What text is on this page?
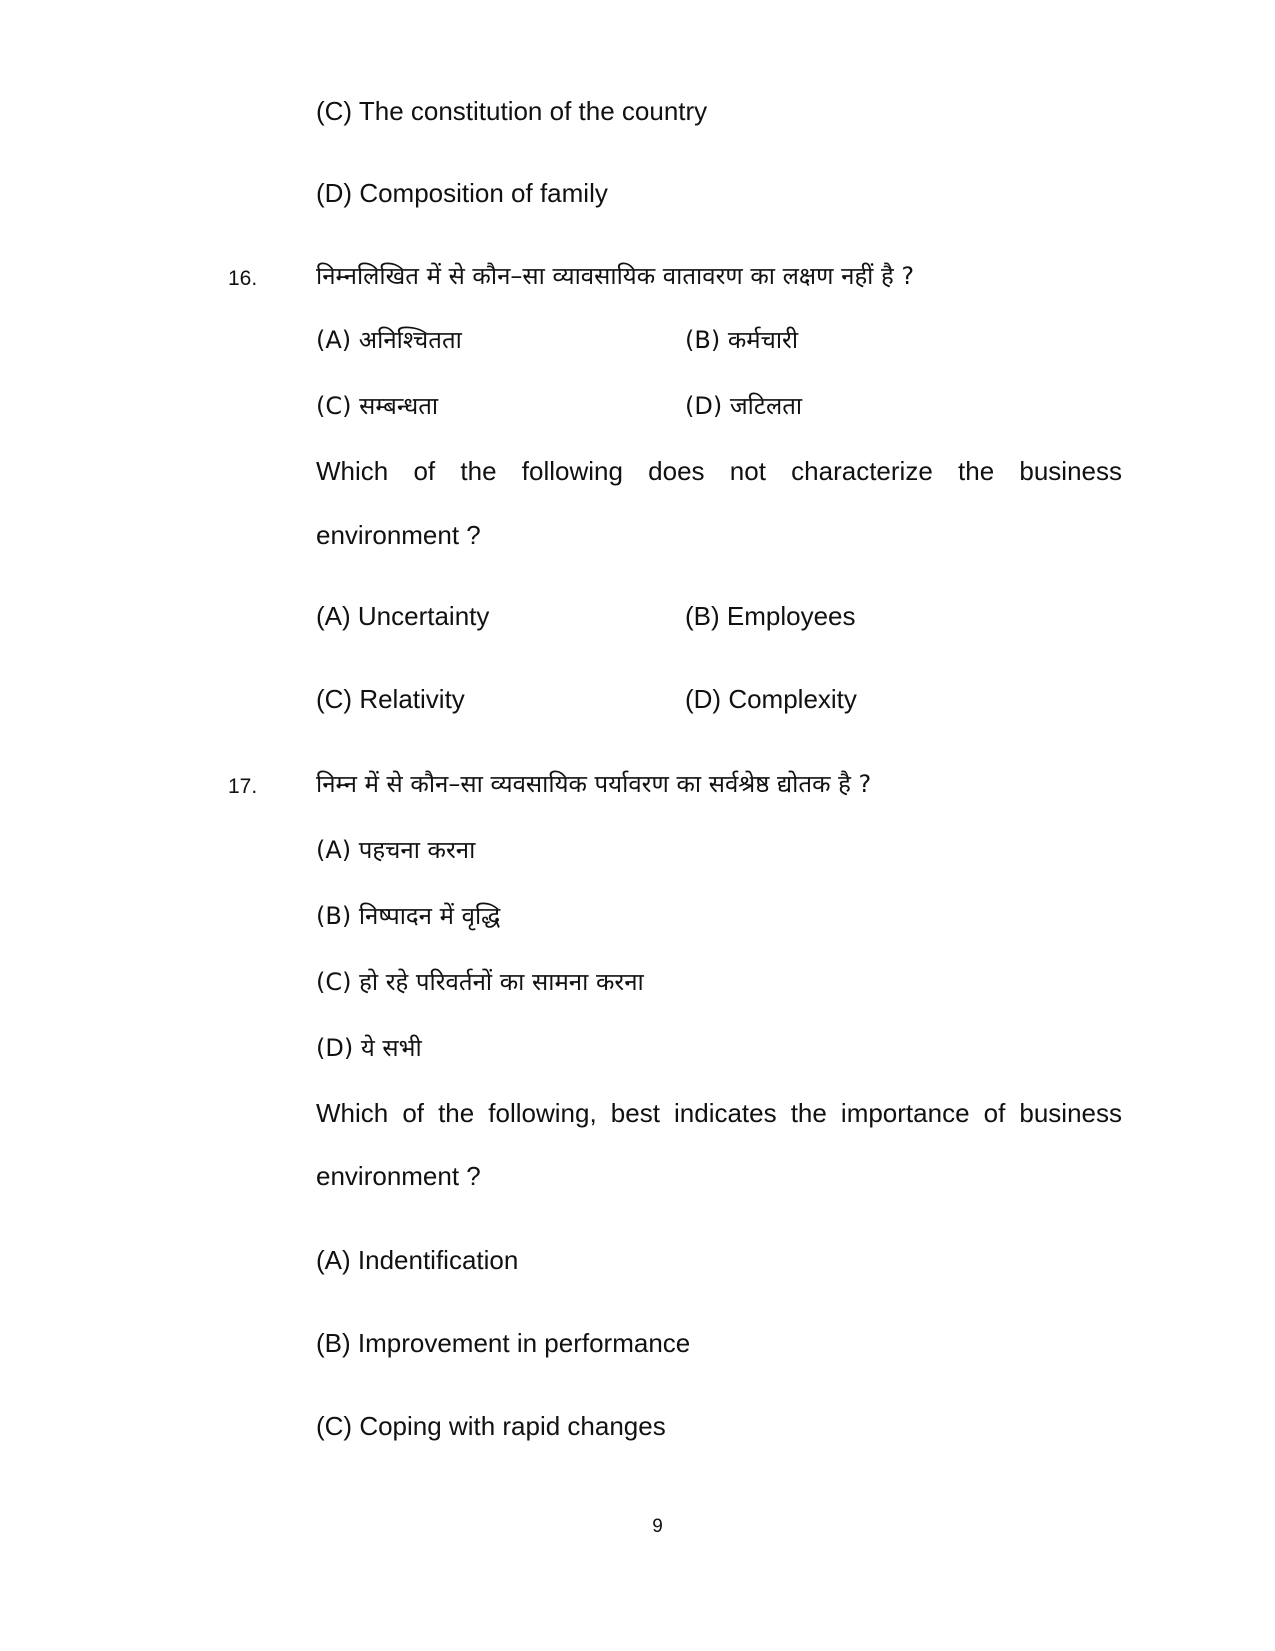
(C) The constitution of the country
(D) Composition of family
16. निम्नलिखित में से कौन–सा व्यावसायिक वातावरण का लक्षण नहीं है ?
(A) अनिश्चितता	(B) कर्मचारी
(C) सम्बन्धता	(D) जटिलता
Which of the following does not characterize the business
environment ?
(A) Uncertainty	(B) Employees
(C) Relativity	(D) Complexity
17. निम्न में से कौन–सा व्यवसायिक पर्यावरण का सर्वश्रेष्ठ द्योतक है ?
(A) पहचना करना
(B) निष्पादन में वृद्धि
(C) हो रहे परिवर्तनों का सामना करना
(D) ये सभी
Which of the following, best indicates the importance of business
environment ?
(A) Indentification
(B) Improvement in performance
(C) Coping with rapid changes
9
